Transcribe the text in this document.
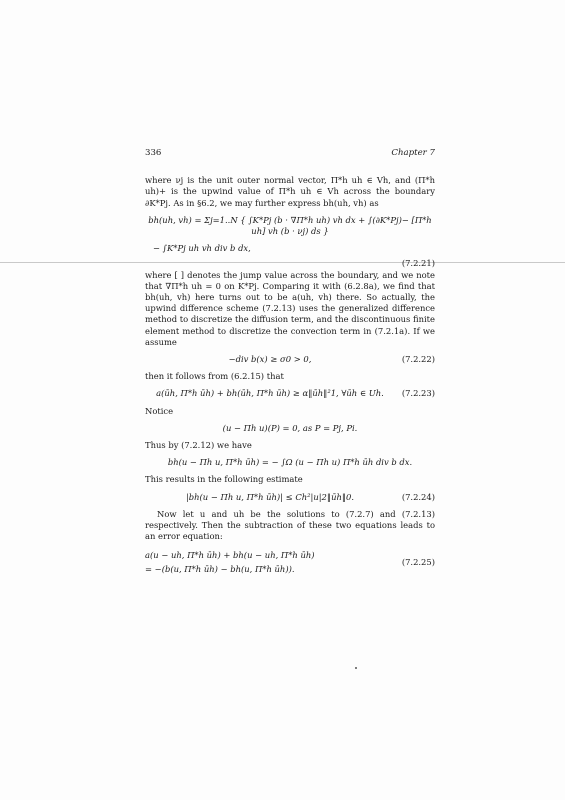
336	Chapter 7

where νj is the unit outer normal vector, Π*h uh ∈ Vh, and (Π*h uh)+ is the upwind value of Π*h uh ∈ Vh across the boundary ∂K*Pj. As in §6.2, we may further express bh(uh, vh) as

bh(uh, vh) = Σj=1..N { ∫K*Pj (b · ∇Π*h uh) vh dx + ∫(∂K*Pj)− [Π*h uh] vh (b · νj) ds }
− ∫K*Pj uh vh div b dx,
(7.2.21)

where [ ] denotes the jump value across the boundary, and we note that ∇Π*h uh = 0 on K*Pj. Comparing it with (6.2.8a), we find that bh(uh, vh) here turns out to be a(uh, vh) there. So actually, the upwind difference scheme (7.2.13) uses the generalized difference method to discretize the diffusion term, and the discontinuous finite element method to discretize the convection term in (7.2.1a). If we assume

−div b(x) ≥ σ0 > 0,	(7.2.22)

then it follows from (6.2.15) that

a(ūh, Π*h ūh) + bh(ūh, Π*h ūh) ≥ α‖ūh‖²1, ∀ūh ∈ Uh.	(7.2.23)

Notice

(u − Πh u)(P) = 0, as P = Pj, Pi.

Thus by (7.2.12) we have

bh(u − Πh u, Π*h ūh) = − ∫Ω (u − Πh u) Π*h ūh div b dx.

This results in the following estimate

|bh(u − Πh u, Π*h ūh)| ≤ Ch²|u|2‖ūh‖0.	(7.2.24)

Now let u and uh be the solutions to (7.2.7) and (7.2.13) respectively. Then the subtraction of these two equations leads to an error equation:

a(u − uh, Π*h ūh) + bh(u − uh, Π*h ūh)
= −(b(u, Π*h ūh) − bh(u, Π*h ūh)).
(7.2.25)
